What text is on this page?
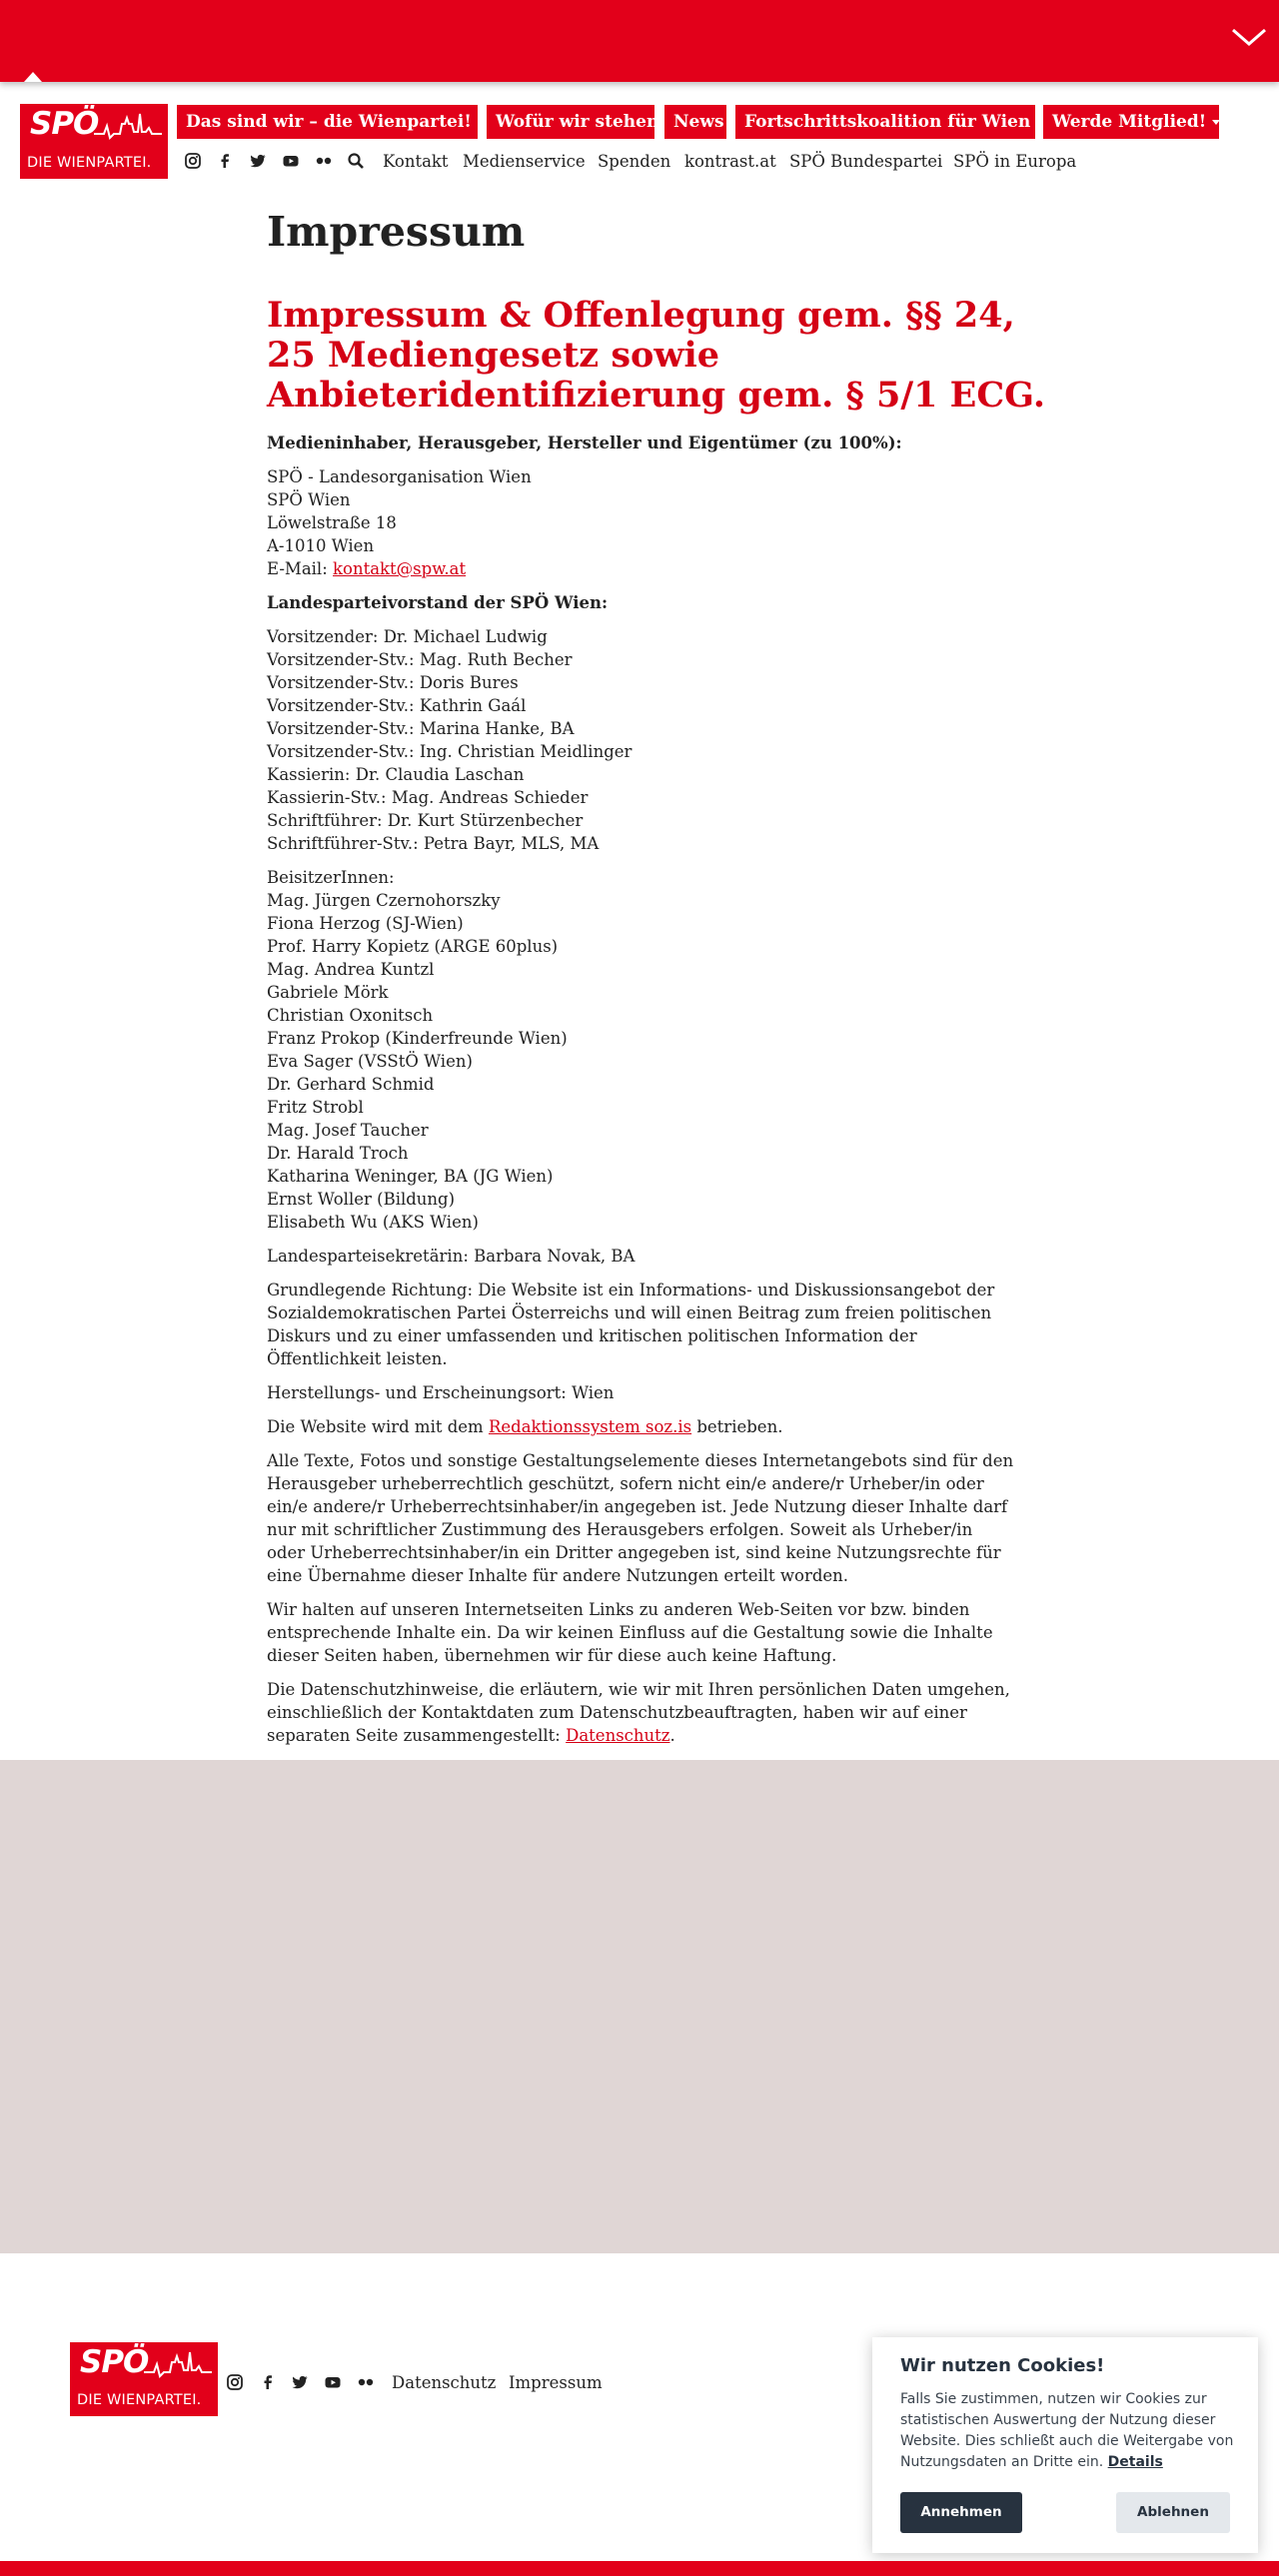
SPÖ
DIE WIENPARTEI.
Das sind wir – die Wienpartei!	Wofür wir stehen News	Fortschrittskoalition für Wien	Werde Mitglied!
Kontakt Medienservice Spenden kontrast.at SPÖ Bundespartei SPÖ in Europa
Impressum
Impressum & Offenlegung gem. §§ 24, 25 Mediengesetz sowie Anbieteridentifizierung gem. § 5/1 ECG.

Medieninhaber, Herausgeber, Hersteller und Eigentümer (zu 100%):

SPÖ - Landesorganisation Wien
SPÖ Wien
Löwelstraße 18
A-1010 Wien
E-Mail: kontakt@spw.at

Landesparteivorstand der SPÖ Wien:

Vorsitzender: Dr. Michael Ludwig
Vorsitzender-Stv.: Mag. Ruth Becher
Vorsitzender-Stv.: Doris Bures
Vorsitzender-Stv.: Kathrin Gaál
Vorsitzender-Stv.: Marina Hanke, BA
Vorsitzender-Stv.: Ing. Christian Meidlinger
Kassierin: Dr. Claudia Laschan
Kassierin-Stv.: Mag. Andreas Schieder
Schriftführer: Dr. Kurt Stürzenbecher
Schriftführer-Stv.: Petra Bayr, MLS, MA

BeisitzerInnen:
Mag. Jürgen Czernohorszky
Fiona Herzog (SJ-Wien)
Prof. Harry Kopietz (ARGE 60plus)
Mag. Andrea Kuntzl
Gabriele Mörk
Christian Oxonitsch
Franz Prokop (Kinderfreunde Wien)
Eva Sager (VSStÖ Wien)
Dr. Gerhard Schmid
Fritz Strobl
Mag. Josef Taucher
Dr. Harald Troch
Katharina Weninger, BA (JG Wien)
Ernst Woller (Bildung)
Elisabeth Wu (AKS Wien)

Landesparteisekretärin: Barbara Novak, BA

Grundlegende Richtung: Die Website ist ein Informations- und Diskussionsangebot der Sozialdemokratischen Partei Österreichs und will einen Beitrag zum freien politischen Diskurs und zu einer umfassenden und kritischen politischen Information der Öffentlichkeit leisten.

Herstellungs- und Erscheinungsort: Wien

Die Website wird mit dem Redaktionssystem soz.is betrieben.

Alle Texte, Fotos und sonstige Gestaltungselemente dieses Internetangebots sind für den Herausgeber urheberrechtlich geschützt, sofern nicht ein/e andere/r Urheber/in oder ein/e andere/r Urheberrechtsinhaber/in angegeben ist. Jede Nutzung dieser Inhalte darf nur mit schriftlicher Zustimmung des Herausgebers erfolgen. Soweit als Urheber/in oder Urheberrechtsinhaber/in ein Dritter angegeben ist, sind keine Nutzungsrechte für eine Übernahme dieser Inhalte für andere Nutzungen erteilt worden.

Wir halten auf unseren Internetseiten Links zu anderen Web-Seiten vor bzw. binden entsprechende Inhalte ein. Da wir keinen Einfluss auf die Gestaltung sowie die Inhalte dieser Seiten haben, übernehmen wir für diese auch keine Haftung.

Die Datenschutzhinweise, die erläutern, wie wir mit Ihren persönlichen Daten umgehen, einschließlich der Kontaktdaten zum Datenschutzbeauftragten, haben wir auf einer separaten Seite zusammengestellt: Datenschutz.

SPÖ
DIE WIENPARTEI.
Datenschutz Impressum
Wir nutzen Cookies!
Falls Sie zustimmen, nutzen wir Cookies zur statistischen Auswertung der Nutzung dieser Website. Dies schließt auch die Weitergabe von Nutzungsdaten an Dritte ein. Details
Annehmen	Ablehnen
